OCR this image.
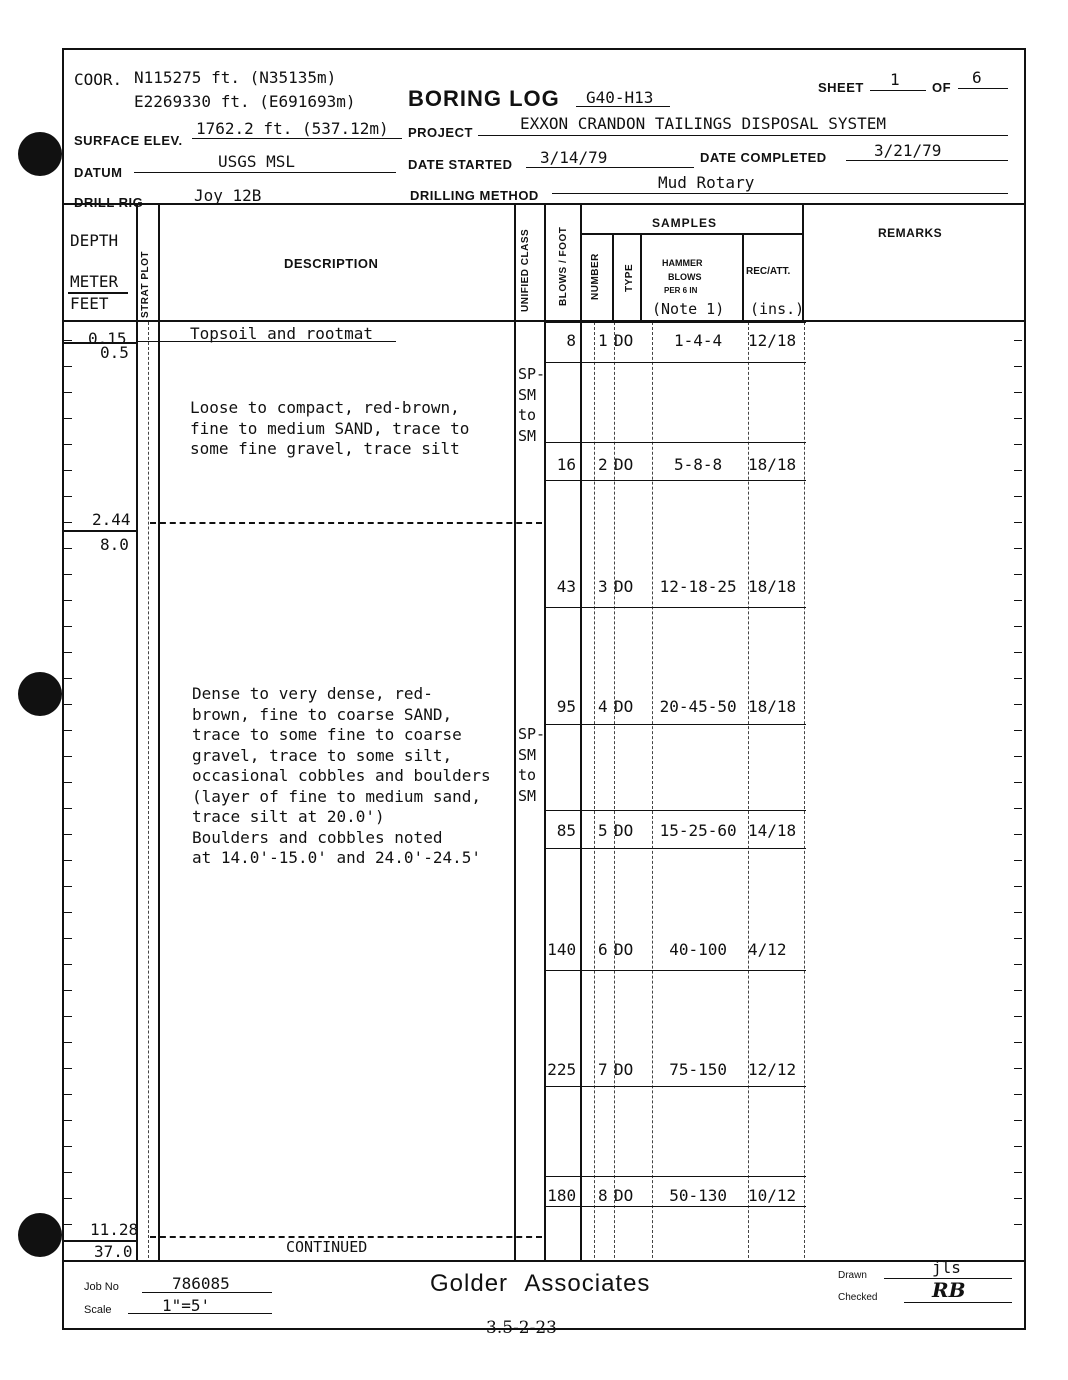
COOR. N115275 ft. (N35135m)
E2269330 ft. (E691693m) BORING LOG G40-H13
SHEET 1 OF
6
SURFACE ELEV.
1762.2 ft. (537.12m) PROJECT	EXXON CRANDON TAILINGS DISPOSAL SYSTEM
DATUM
USGS MSL	DATE STARTED 3/14/79	DATE COMPLETED	3/21/79
DRILL RIG	Joy 12B	DRILLING METHOD
Mud Rotary
DEPTH
METER
FEET	STRAT PLOT	DESCRIPTION	UNIFIED CLASS	BLOWS / FOOT
SAMPLES
NUMBER TYPE
HAMMER
BLOWS
PER 6 IN
(Note 1)
REC/ATT.
(ins.)
REMARKS
0.15
0.5
2.44
8.0
11.28
37.0
Topsoil and rootmat
Loose to compact, red-brown,
fine to medium SAND, trace to
some fine gravel, trace silt
SP-
SM
to
SM
Dense to very dense, red-
brown, fine to coarse SAND,
trace to some fine to coarse
gravel, trace to some silt,
occasional cobbles and boulders
(layer of fine to medium sand,
trace silt at 20.0')
Boulders and cobbles noted
at 14.0'-15.0' and 24.0'-24.5'
SP-
SM
to
SM
CONTINUED
8 1 DO	1-4-4 12/18
16 2 DO	5-8-8 18/18
43 3 DO 12-18-25 18/18
95 4 DO 20-45-50 18/18
85 5 DO 15-25-60 14/18
140 6 DO 40-100 4/12
225 7 DO 75-150 12/12
180 8 DO 50-130 10/12
Job No	786085
Scale	1"=5'
Golder Associates	Drawn	jls
Checked	RB
3.5-2-23
